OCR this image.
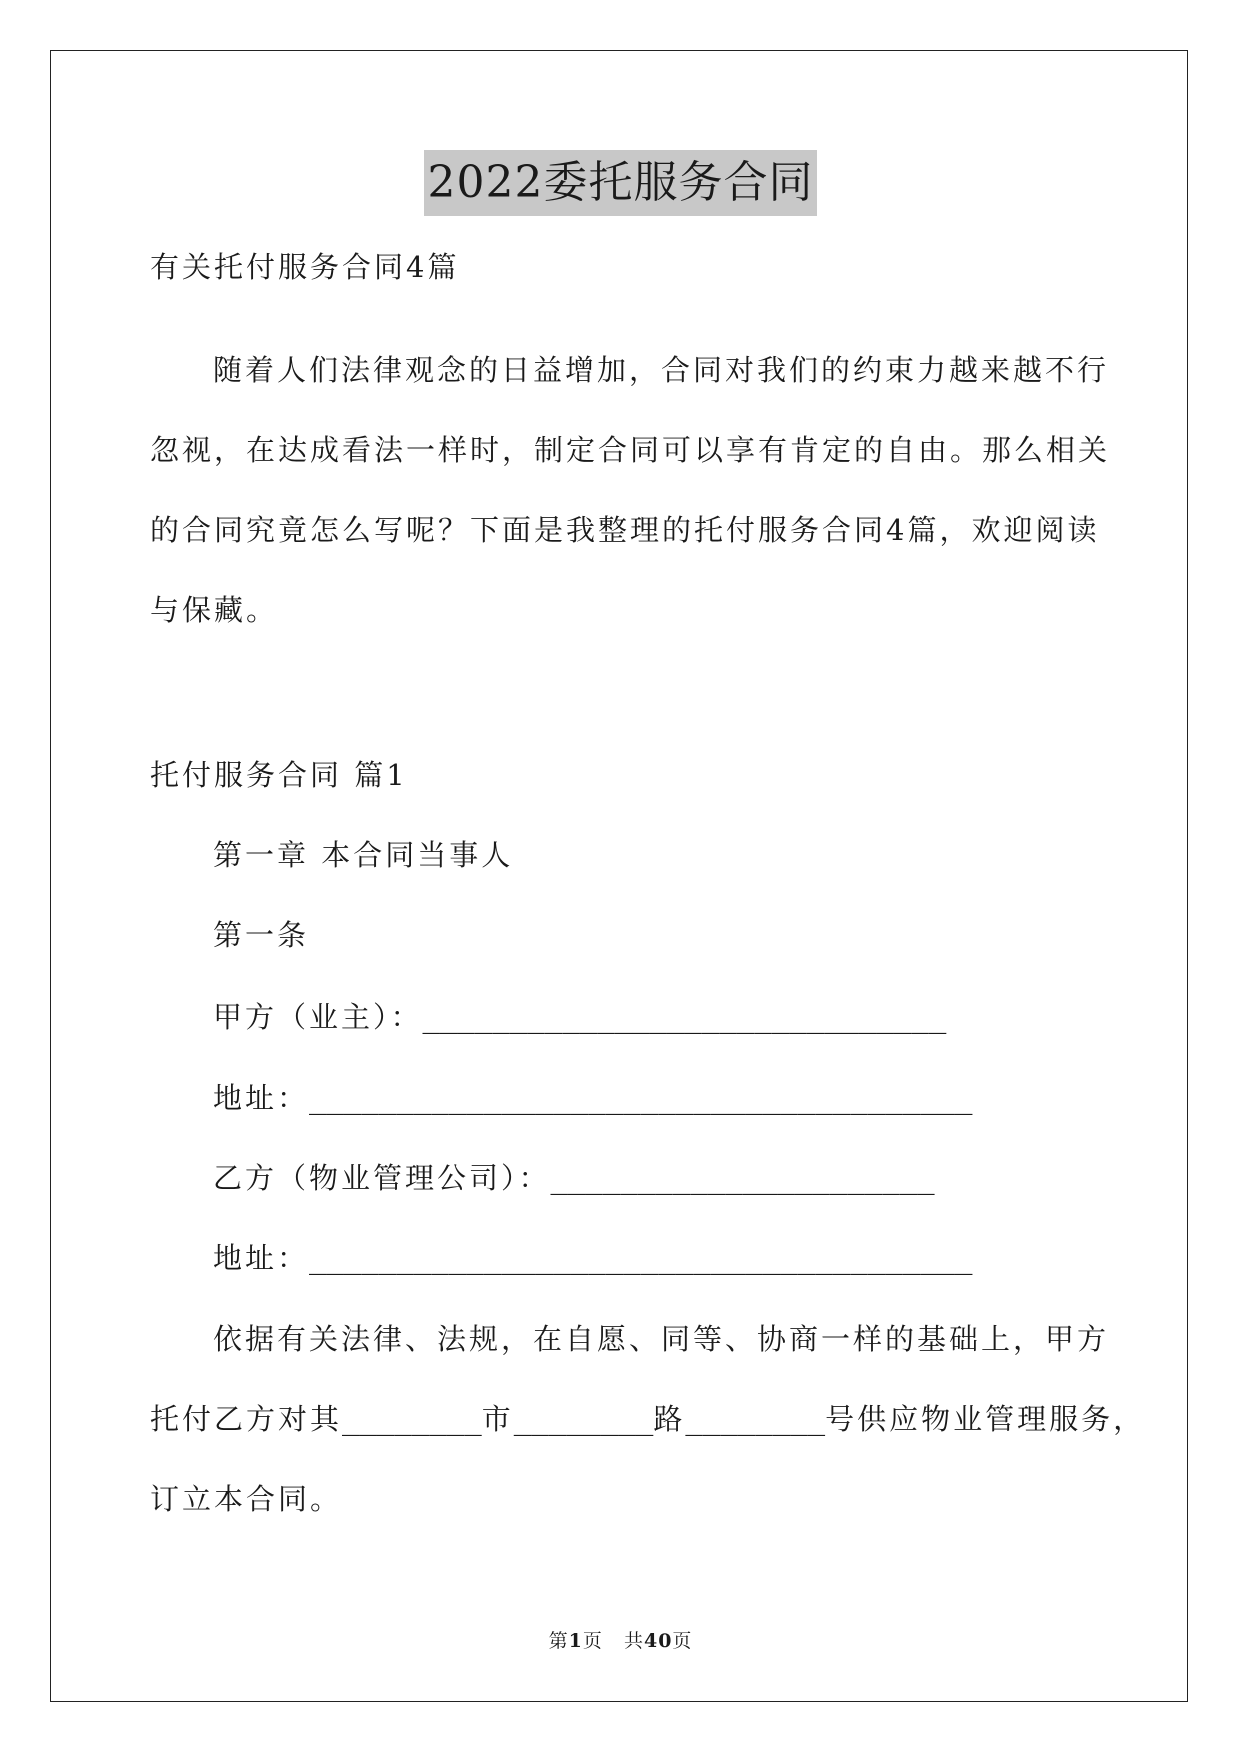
2022委托服务合同
有关托付服务合同4篇
随着人们法律观念的日益增加，合同对我们的约束力越来越不行
忽视，在达成看法一样时，制定合同可以享有肯定的自由。那么相关
的合同究竟怎么写呢？下面是我整理的托付服务合同4篇，欢迎阅读
与保藏。
托付服务合同 篇1
第一章 本合同当事人
第一条
甲方（业主）：______________________________
地址：______________________________________
乙方（物业管理公司）：______________________
地址：______________________________________
依据有关法律、法规，在自愿、同等、协商一样的基础上，甲方
托付乙方对其________市________路________号供应物业管理服务，
订立本合同。
第1页 共40页
